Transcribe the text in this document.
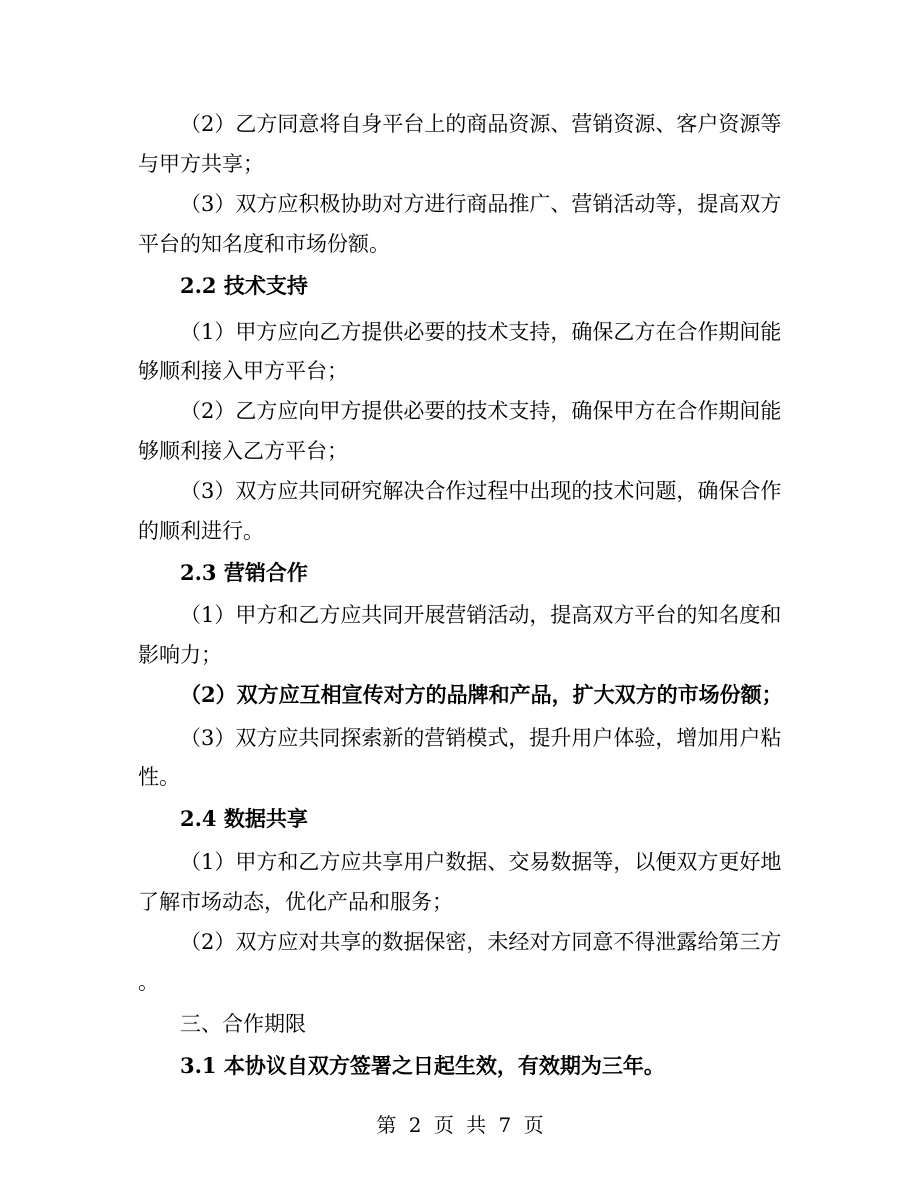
（2）乙方同意将自身平台上的商品资源、营销资源、客户资源等

与甲方共享；

（3）双方应积极协助对方进行商品推广、营销活动等，提高双方

平台的知名度和市场份额。

2.2 技术支持

（1）甲方应向乙方提供必要的技术支持，确保乙方在合作期间能

够顺利接入甲方平台；

（2）乙方应向甲方提供必要的技术支持，确保甲方在合作期间能

够顺利接入乙方平台；

（3）双方应共同研究解决合作过程中出现的技术问题，确保合作

的顺利进行。

2.3 营销合作

（1）甲方和乙方应共同开展营销活动，提高双方平台的知名度和

影响力；

（2）双方应互相宣传对方的品牌和产品，扩大双方的市场份额；

（3）双方应共同探索新的营销模式，提升用户体验，增加用户粘

性。

2.4 数据共享

（1）甲方和乙方应共享用户数据、交易数据等，以便双方更好地

了解市场动态，优化产品和服务；

（2）双方应对共享的数据保密，未经对方同意不得泄露给第三方

。

三、合作期限

3.1 本协议自双方签署之日起生效，有效期为三年。

第 2 页 共 7 页
